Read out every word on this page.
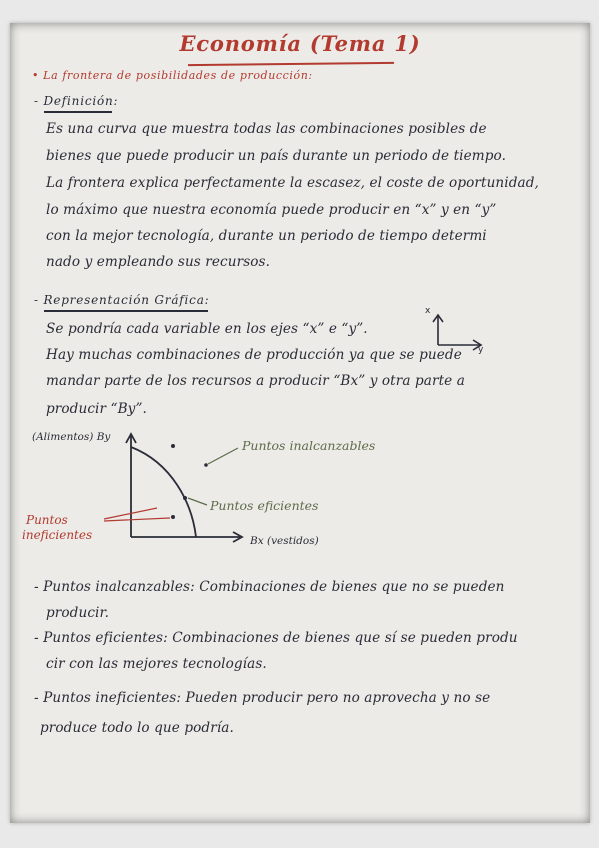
Economía (Tema 1)
• La frontera de posibilidades de producción:
- Definición:
Es una curva que muestra todas las combinaciones posibles de
bienes que puede producir un país durante un periodo de tiempo.
La frontera explica perfectamente la escasez, el coste de oportunidad,
lo máximo que nuestra economía puede producir en “x” y en “y”
con la mejor tecnología, durante un periodo de tiempo determi
nado y empleando sus recursos.
- Representación Gráfica:
Se pondría cada variable en los ejes “x” e “y”.
Hay muchas combinaciones de producción ya que se puede
mandar parte de los recursos a producir “Bx” y otra parte a
producir “By”.
x
y
(Alimentos) By
Bx (vestidos)
Puntos inalcanzables
Puntos eficientes
Puntos
ineficientes
- Puntos inalcanzables: Combinaciones de bienes que no se pueden
producir.
- Puntos eficientes: Combinaciones de bienes que sí se pueden produ
cir con las mejores tecnologías.
- Puntos ineficientes: Pueden producir pero no aprovecha y no se
produce todo lo que podría.
